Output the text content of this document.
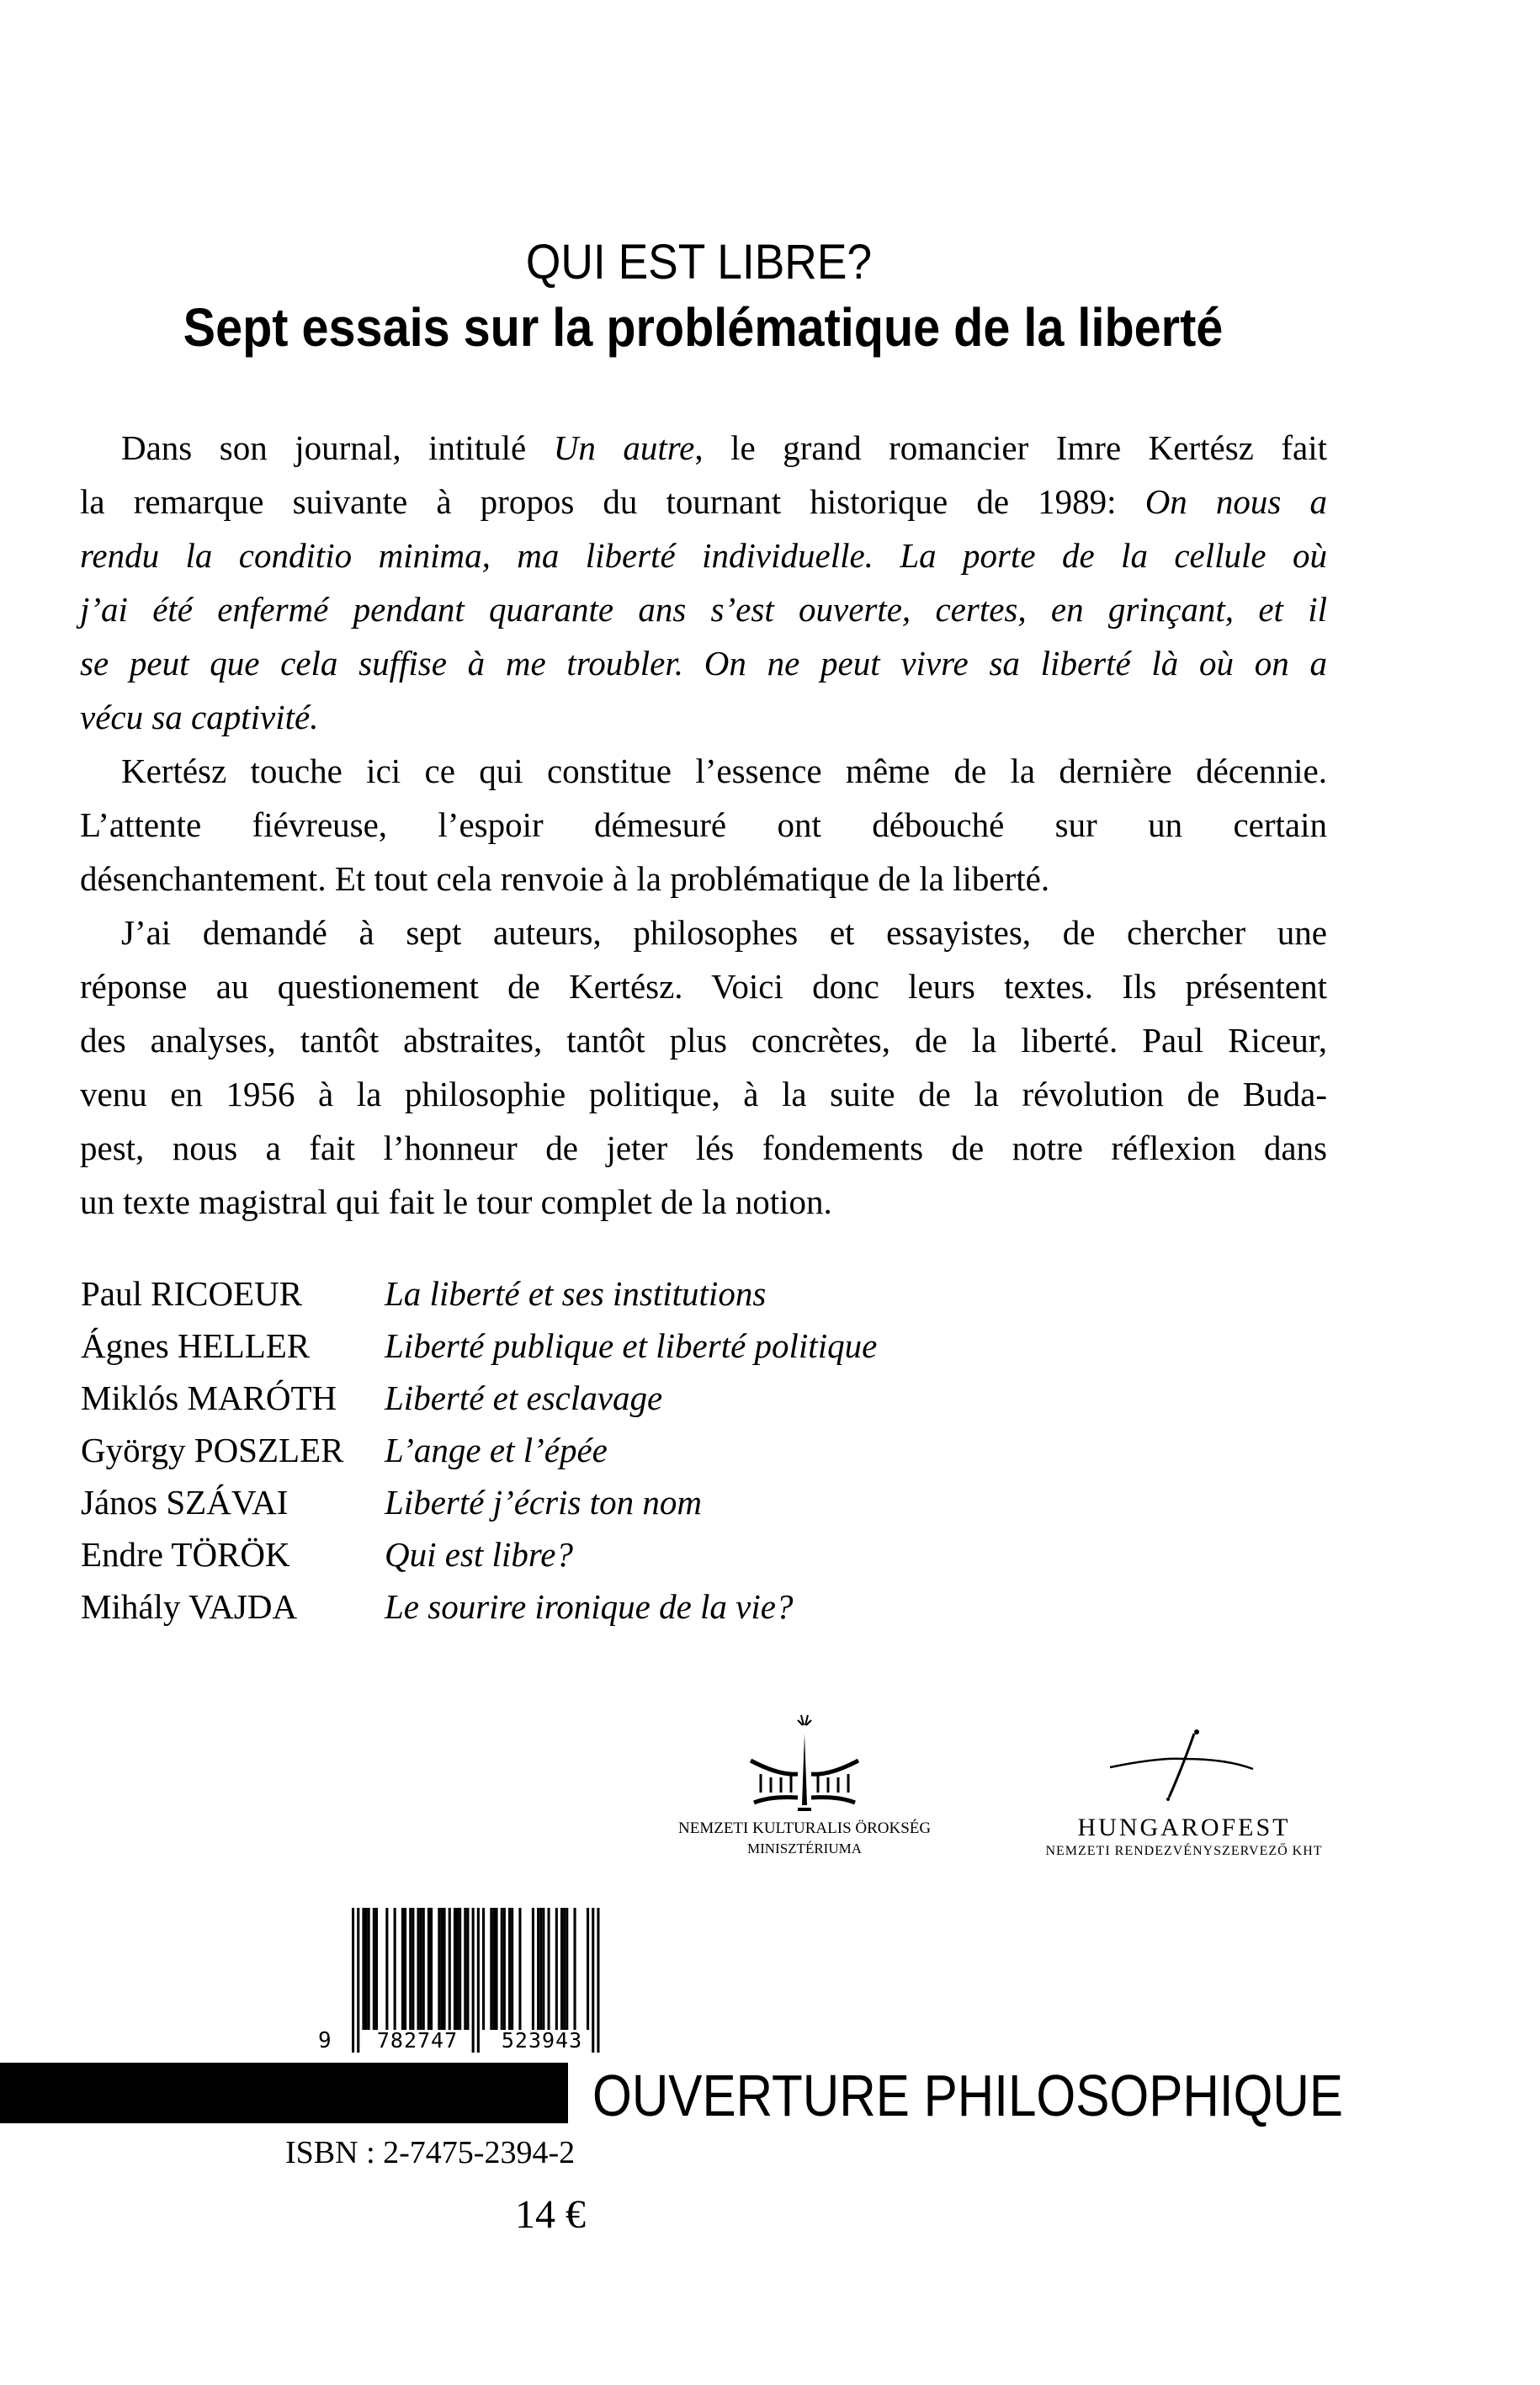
QUI EST LIBRE?
Sept essais sur la problématique de la liberté
Dans son journal, intitulé Un autre, le grand romancier Imre Kertész fait
la remarque suivante à propos du tournant historique de 1989: On nous a
rendu la conditio minima, ma liberté individuelle. La porte de la cellule où
j’ai été enfermé pendant quarante ans s’est ouverte, certes, en grinçant, et il
se peut que cela suffise à me troubler. On ne peut vivre sa liberté là où on a
vécu sa captivité.
Kertész touche ici ce qui constitue l’essence même de la dernière décennie.
L’attente fiévreuse, l’espoir démesuré ont débouché sur un certain
désenchantement. Et tout cela renvoie à la problématique de la liberté.
J’ai demandé à sept auteurs, philosophes et essayistes, de chercher une
réponse au questionement de Kertész. Voici donc leurs textes. Ils présentent
des analyses, tantôt abstraites, tantôt plus concrètes, de la liberté. Paul Riceur,
venu en 1956 à la philosophie politique, à la suite de la révolution de Buda-
pest, nous a fait l’honneur de jeter lés fondements de notre réflexion dans
un texte magistral qui fait le tour complet de la notion.
Paul RICOEUR La liberté et ses institutions
Ágnes HELLER Liberté publique et liberté politique
Miklós MARÓTH Liberté et esclavage
György POSZLER L’ange et l’épée
János SZÁVAI	Liberté j’écris ton nom
Endre TÖRÖK	Qui est libre?
Mihály VAJDA	Le sourire ironique de la vie?
NEMZETI KULTURALIS ÖROKSÉG
MINISZTÉRIUMA
HUNGAROFEST
NEMZETI RENDEZVÉNYSZERVEZŐ KHT
9	782747	523943
OUVERTURE PHILOSOPHIQUE
ISBN : 2-7475-2394-2
14 €
